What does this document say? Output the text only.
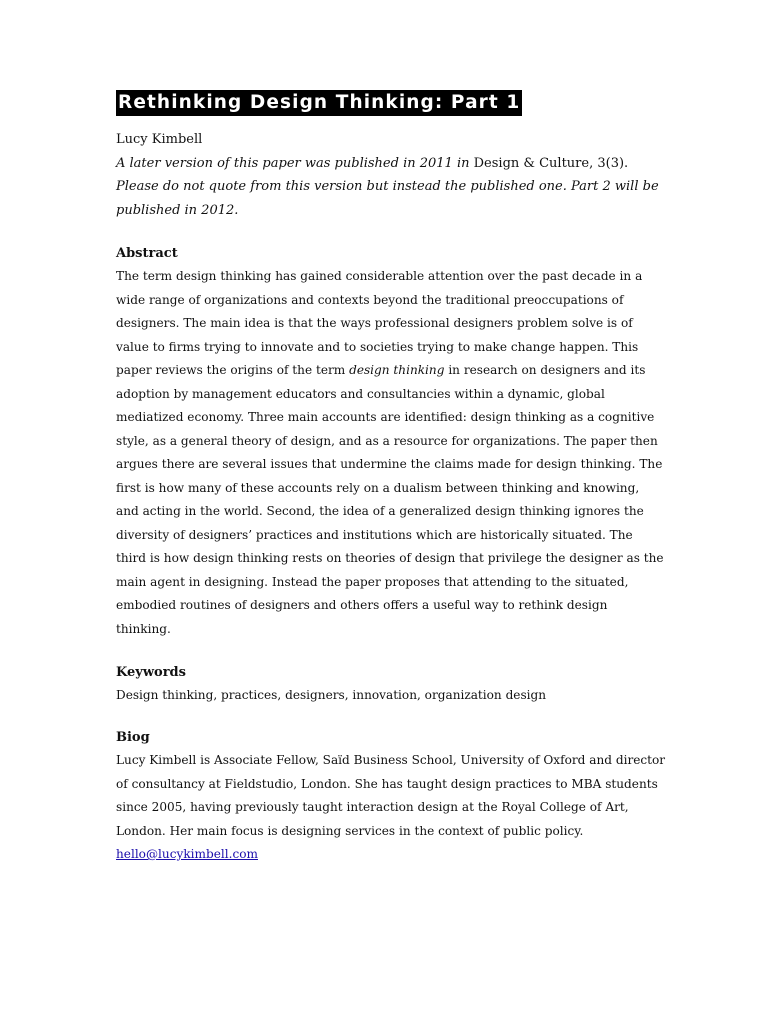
Rethinking Design Thinking: Part 1
Lucy Kimbell
A later version of this paper was published in 2011 in Design & Culture, 3(3).
Please do not quote from this version but instead the published one. Part 2 will be
published in 2012.
Abstract
The term design thinking has gained considerable attention over the past decade in a
wide range of organizations and contexts beyond the traditional preoccupations of
designers. The main idea is that the ways professional designers problem solve is of
value to firms trying to innovate and to societies trying to make change happen. This
paper reviews the origins of the term design thinking in research on designers and its
adoption by management educators and consultancies within a dynamic, global
mediatized economy. Three main accounts are identified: design thinking as a cognitive
style, as a general theory of design, and as a resource for organizations. The paper then
argues there are several issues that undermine the claims made for design thinking. The
first is how many of these accounts rely on a dualism between thinking and knowing,
and acting in the world. Second, the idea of a generalized design thinking ignores the
diversity of designers’ practices and institutions which are historically situated. The
third is how design thinking rests on theories of design that privilege the designer as the
main agent in designing. Instead the paper proposes that attending to the situated,
embodied routines of designers and others offers a useful way to rethink design
thinking.
Keywords
Design thinking, practices, designers, innovation, organization design
Biog
Lucy Kimbell is Associate Fellow, Saïd Business School, University of Oxford and director
of consultancy at Fieldstudio, London. She has taught design practices to MBA students
since 2005, having previously taught interaction design at the Royal College of Art,
London. Her main focus is designing services in the context of public policy.
hello@lucykimbell.com
